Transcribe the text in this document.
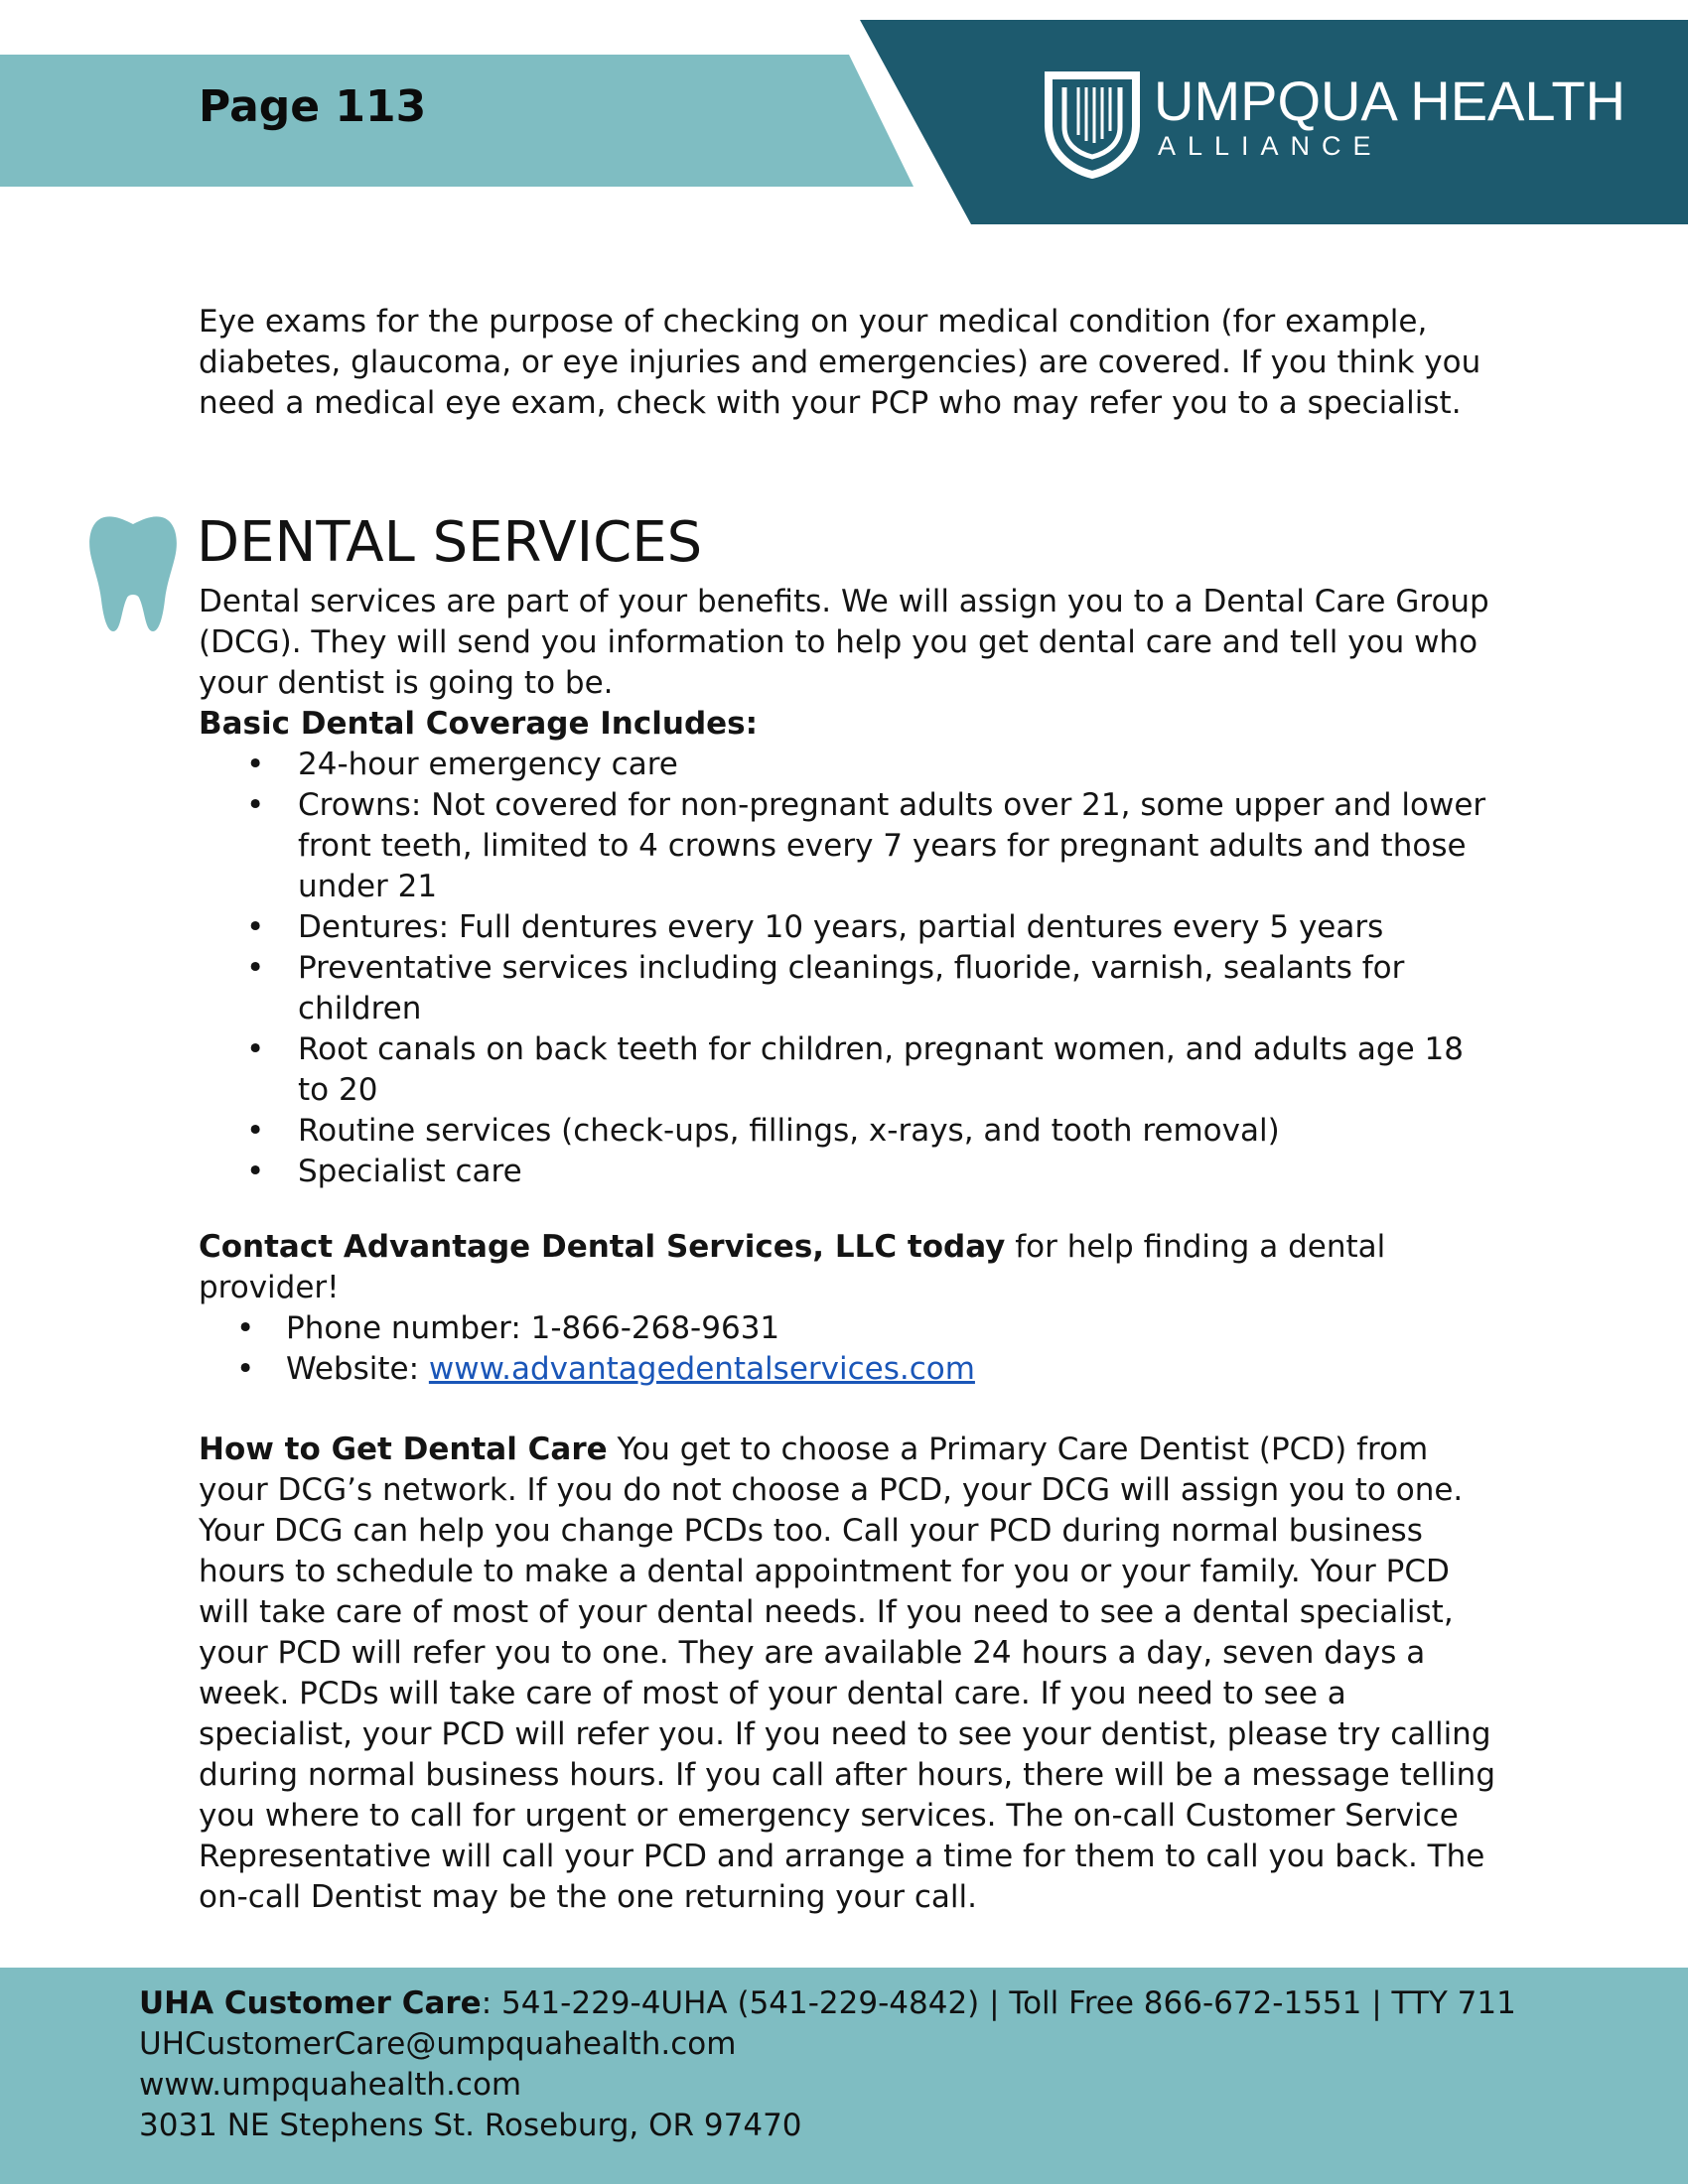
Page 113	UMPQUA HEALTH
ALLIANCE

Eye exams for the purpose of checking on your medical condition (for example, diabetes, glaucoma, or eye injuries and emergencies) are covered. If you think you need a medical eye exam, check with your PCP who may refer you to a specialist.

DENTAL SERVICES

Dental services are part of your benefits. We will assign you to a Dental Care Group (DCG). They will send you information to help you get dental care and tell you who your dentist is going to be.

Basic Dental Coverage Includes:

• 24-hour emergency care
• Crowns: Not covered for non-pregnant adults over 21, some upper and lower front teeth, limited to 4 crowns every 7 years for pregnant adults and those under 21
• Dentures: Full dentures every 10 years, partial dentures every 5 years
• Preventative services including cleanings, fluoride, varnish, sealants for children
• Root canals on back teeth for children, pregnant women, and adults age 18 to 20
• Routine services (check-ups, fillings, x-rays, and tooth removal)
• Specialist care

Contact Advantage Dental Services, LLC today for help finding a dental provider!

• Phone number: 1-866-268-9631
• Website: www.advantagedentalservices.com

How to Get Dental Care You get to choose a Primary Care Dentist (PCD) from your DCG’s network. If you do not choose a PCD, your DCG will assign you to one. Your DCG can help you change PCDs too. Call your PCD during normal business hours to schedule to make a dental appointment for you or your family. Your PCD will take care of most of your dental needs. If you need to see a dental specialist, your PCD will refer you to one. They are available 24 hours a day, seven days a week. PCDs will take care of most of your dental care. If you need to see a specialist, your PCD will refer you. If you need to see your dentist, please try calling during normal business hours. If you call after hours, there will be a message telling you where to call for urgent or emergency services. The on-call Customer Service Representative will call your PCD and arrange a time for them to call you back. The on-call Dentist may be the one returning your call.

UHA Customer Care: 541-229-4UHA (541-229-4842) | Toll Free 866-672-1551 | TTY 711
UHCustomerCare@umpquahealth.com
www.umpquahealth.com
3031 NE Stephens St. Roseburg, OR 97470
